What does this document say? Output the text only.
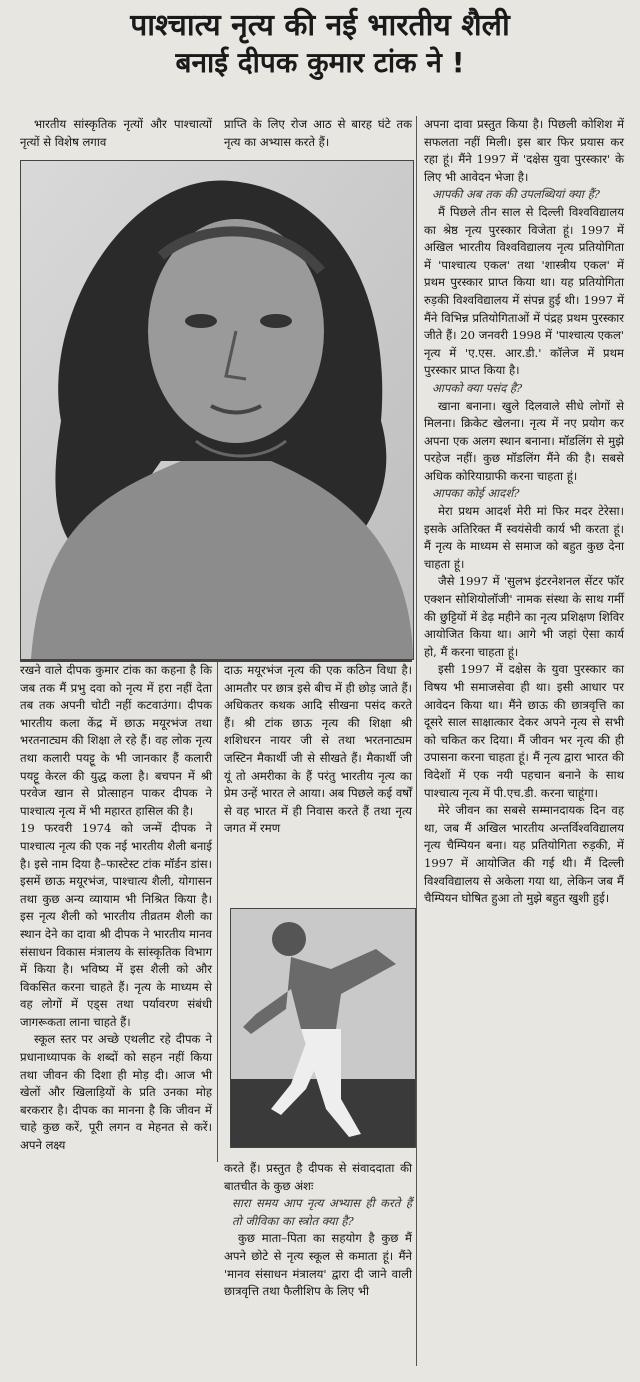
पाश्चात्य नृत्य की नई भारतीय शैली
बनाई दीपक कुमार टांक ने !

भारतीय सांस्कृतिक नृत्यों और पाश्चात्यों नृत्यों से विशेष लगाव

प्राप्ति के लिए रोज आठ से बारह घंटे तक नृत्य का अभ्यास करते हैं।

रखने वाले दीपक कुमार टांक का कहना है कि जब तक मैं प्रभु दवा को नृत्य में हरा नहीं देता तब तक अपनी चोटी नहीं कटवाउंगा। दीपक भारतीय कला केंद्र में छाऊ मयूरभंज तथा भरतनाट्यम की शिक्षा ले रहे हैं। वह लोक नृत्य तथा कलारी पयट्टू के भी जानकार हैं कलारी पयट्टू केरल की युद्ध कला है। बचपन में श्री परवेज खान से प्रोत्साहन पाकर दीपक ने पाश्चात्य नृत्य में भी महारत हासिल की है।

19 फरवरी 1974 को जन्में दीपक ने पाश्चात्य नृत्य की एक नई भारतीय शैली बनाई है। इसे नाम दिया है–फास्टेस्ट टांक मॉर्डन डांस। इसमें छाऊ मयूरभंज, पाश्चात्य शैली, योगासन तथा कुछ अन्य व्यायाम भी निश्रित किया है। इस नृत्य शैली को भारतीय तीव्रतम शैली का स्थान देने का दावा श्री दीपक ने भारतीय मानव संसाधन विकास मंत्रालय के सांस्कृतिक विभाग में किया है। भविष्य में इस शैली को और विकसित करना चाहते हैं। नृत्य के माध्यम से वह लोगों में एड्स तथा पर्यावरण संबंधी जागरूकता लाना चाहते हैं।

स्कूल स्तर पर अच्छे एथलीट रहे दीपक ने प्रधानाध्यापक के शब्दों को सहन नहीं किया तथा जीवन की दिशा ही मोड़ दी। आज भी खेलों और खिलाड़ियों के प्रति उनका मोह बरकरार है। दीपक का मानना है कि जीवन में चाहे कुछ करें, पूरी लगन व मेहनत से करें। अपने लक्ष्य

दाऊ मयूरभंज नृत्य की एक कठिन विधा है। आमतौर पर छात्र इसे बीच में ही छोड़ जाते हैं। अधिकतर कथक आदि सीखना पसंद करते हैं। श्री टांक छाऊ नृत्य की शिक्षा श्री शशिधरन नायर जी से तथा भरतनाट्यम जस्टिन मैकार्थी जी से सीखते हैं। मैकार्थी जी यूं तो अमरीका के हैं परंतु भारतीय नृत्य का प्रेम उन्हें भारत ले आया। अब पिछले कई वर्षों से वह भारत में ही निवास करते हैं तथा नृत्य जगत में रमण

करते हैं। प्रस्तुत है दीपक से संवाददाता की बातचीत के कुछ अंशः

सारा समय आप नृत्य अभ्यास ही करते हैं तो जीविका का स्त्रोत क्या है?

कुछ माता–पिता का सहयोग है कुछ मैं अपने छोटे से नृत्य स्कूल से कमाता हूं। मैंने 'मानव संसाधन मंत्रालय' द्वारा दी जाने वाली छात्रवृत्ति तथा फैलीशिप के लिए भी

अपना दावा प्रस्तुत किया है। पिछली कोशिश में सफलता नहीं मिली। इस बार फिर प्रयास कर रहा हूं। मैंने 1997 में 'दक्षेस युवा पुरस्कार' के लिए भी आवेदन भेजा है।

आपकी अब तक की उपलब्धियां क्या हैं?

मैं पिछले तीन साल से दिल्ली विश्वविद्यालय का श्रेष्ठ नृत्य पुरस्कार विजेता हूं। 1997 में अखिल भारतीय विश्वविद्यालय नृत्य प्रतियोगिता में 'पाश्चात्य एकल' तथा 'शास्त्रीय एकल' में प्रथम पुरस्कार प्राप्त किया था। यह प्रतियोगिता रुड़की विश्वविद्यालय में संपन्न हुई थी। 1997 में मैंने विभिन्न प्रतियोगिताओं में पंद्रह प्रथम पुरस्कार जीते हैं। 20 जनवरी 1998 में 'पाश्चात्य एकल' नृत्य में 'ए.एस. आर.डी.' कॉलेज में प्रथम पुरस्कार प्राप्त किया है।

आपको क्या पसंद है?

खाना बनाना। खुले दिलवाले सीधे लोगों से मिलना। क्रिकेट खेलना। नृत्य में नए प्रयोग कर अपना एक अलग स्थान बनाना। मॉडलिंग से मुझे परहेज नहीं। कुछ मॉडलिंग मैंने की है। सबसे अधिक कोरियाग्राफी करना चाहता हूं।

आपका कोई आदर्श?

मेरा प्रथम आदर्श मेरी मां फिर मदर टेरेसा। इसके अतिरिक्त मैं स्वयंसेवी कार्य भी करता हूं। मैं नृत्य के माध्यम से समाज को बहुत कुछ देना चाहता हूं।

जैसे 1997 में 'सुलभ इंटरनेशनल सेंटर फॉर एक्शन सोशियोलॉजी' नामक संस्था के साथ गर्मी की छुट्टियों में डेढ़ महीने का नृत्य प्रशिक्षण शिविर आयोजित किया था। आगे भी जहां ऐसा कार्य हो, मैं करना चाहता हूं।

इसी 1997 में दक्षेस के युवा पुरस्कार का विषय भी समाजसेवा ही था। इसी आधार पर आवेदन किया था। मैंने छाऊ की छात्रवृत्ति का दूसरे साल साक्षात्कार देकर अपने नृत्य से सभी को चकित कर दिया। मैं जीवन भर नृत्य की ही उपासना करना चाहता हूं। मैं नृत्य द्वारा भारत की विदेशों में एक नयी पहचान बनाने के साथ पाश्चात्य नृत्य में पी.एच.डी. करना चाहूंगा।

मेरे जीवन का सबसे सम्मानदायक दिन वह था, जब मैं अखिल भारतीय अन्तर्विश्वविद्यालय नृत्य चैम्पियन बना। यह प्रतियोगिता रुड़की, में 1997 में आयोजित की गई थी। मैं दिल्ली विश्वविद्यालय से अकेला गया था, लेकिन जब मैं चैम्पियन घोषित हुआ तो मुझे बहुत खुशी हुई।
